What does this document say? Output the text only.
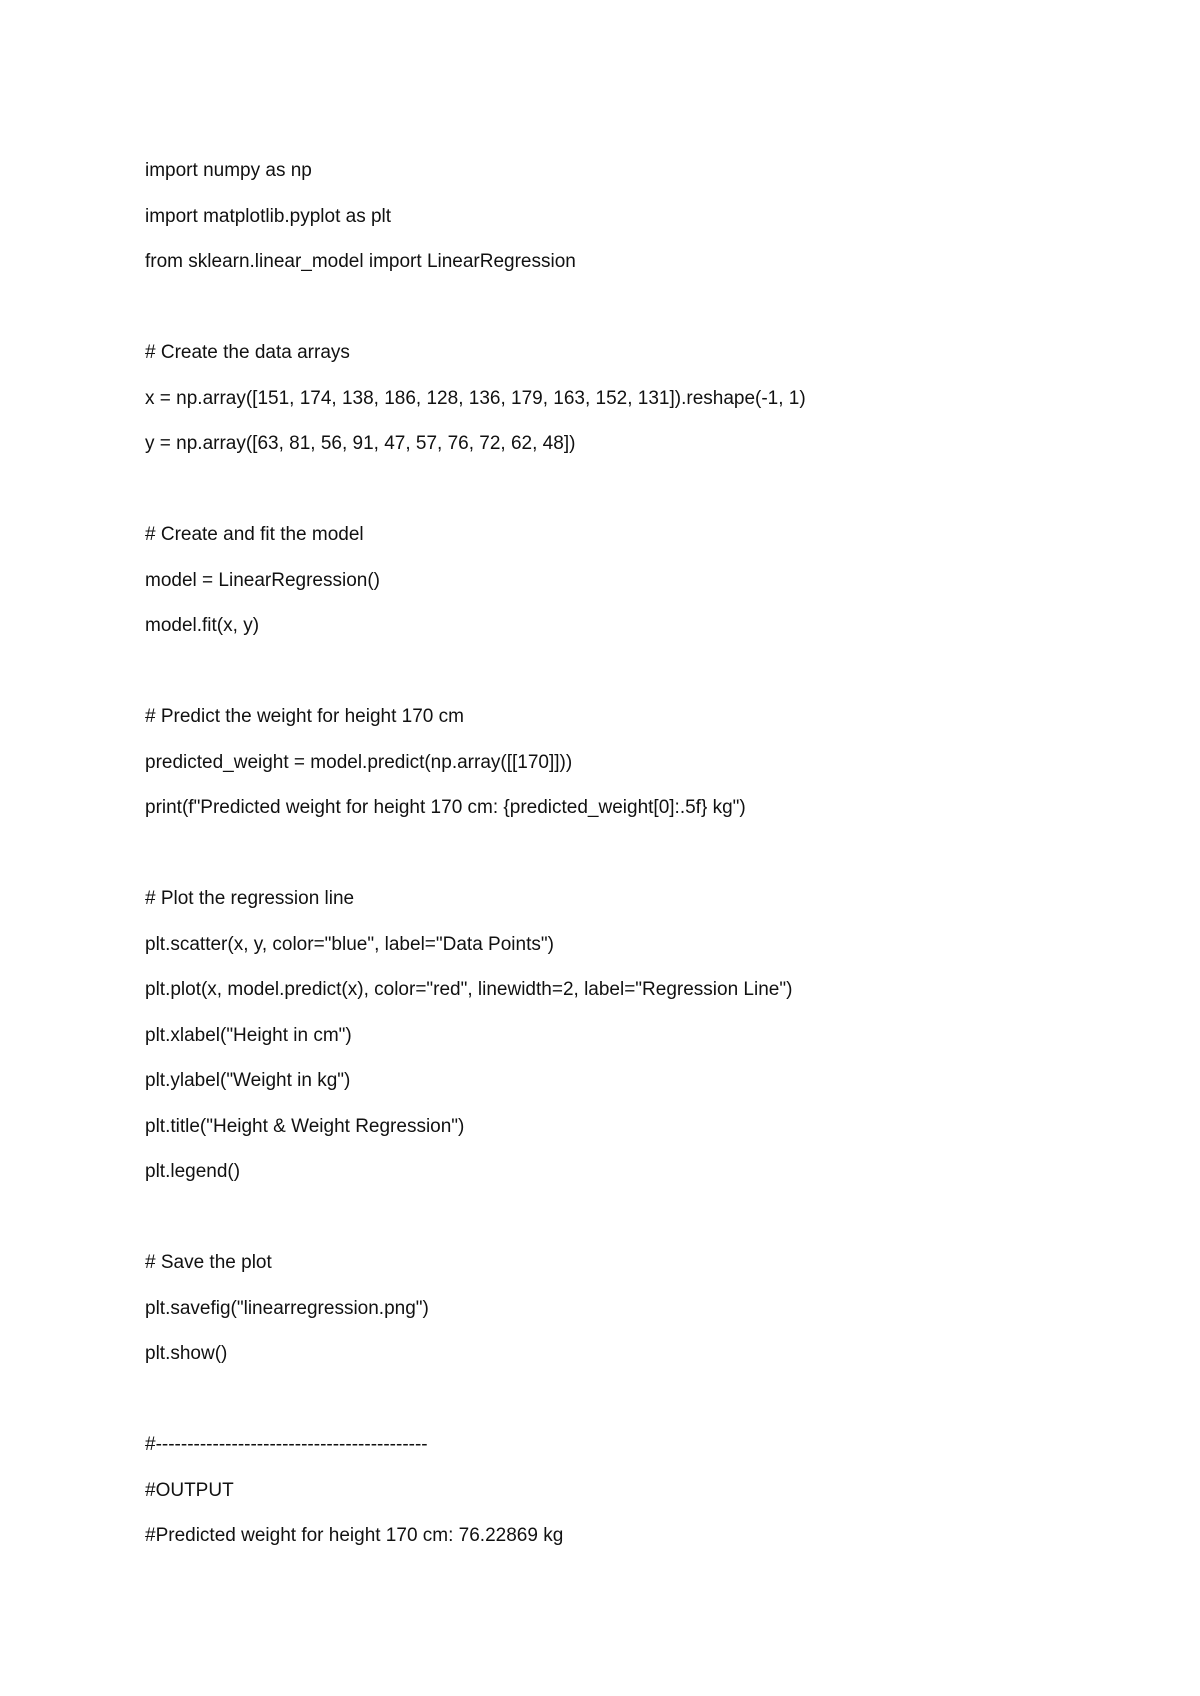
import numpy as np
import matplotlib.pyplot as plt
from sklearn.linear_model import LinearRegression
# Create the data arrays
x = np.array([151, 174, 138, 186, 128, 136, 179, 163, 152, 131]).reshape(-1, 1)
y = np.array([63, 81, 56, 91, 47, 57, 76, 72, 62, 48])
# Create and fit the model
model = LinearRegression()
model.fit(x, y)
# Predict the weight for height 170 cm
predicted_weight = model.predict(np.array([[170]]))
print(f"Predicted weight for height 170 cm: {predicted_weight[0]:.5f} kg")
# Plot the regression line
plt.scatter(x, y, color="blue", label="Data Points")
plt.plot(x, model.predict(x), color="red", linewidth=2, label="Regression Line")
plt.xlabel("Height in cm")
plt.ylabel("Weight in kg")
plt.title("Height & Weight Regression")
plt.legend()
# Save the plot
plt.savefig("linearregression.png")
plt.show()
#-------------------------------------------
#OUTPUT
#Predicted weight for height 170 cm: 76.22869 kg
